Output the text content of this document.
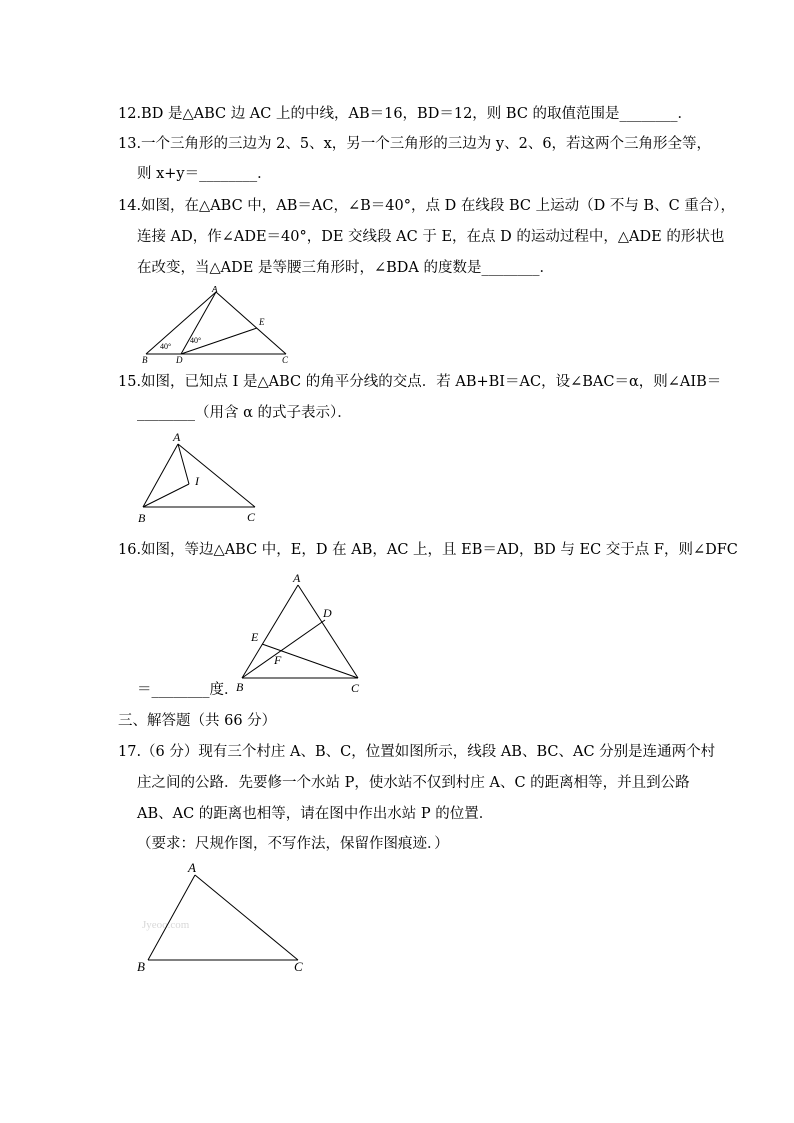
12.BD 是△ABC 边 AC 上的中线，AB＝16，BD＝12，则 BC 的取值范围是________．
13.一个三角形的三边为 2、5、x，另一个三角形的三边为 y、2、6，若这两个三角形全等，
则 x+y＝________．
14.如图，在△ABC 中，AB＝AC，∠B＝40°，点 D 在线段 BC 上运动（D 不与 B、C 重合），
连接 AD，作∠ADE＝40°，DE 交线段 AC 于 E，在点 D 的运动过程中，△ADE 的形状也
在改变，当△ADE 是等腰三角形时，∠BDA 的度数是________．
A
B	C
D
E
40°
40°
15.如图，已知点 I 是△ABC 的角平分线的交点．若 AB+BI＝AC，设∠BAC＝α，则∠AIB＝
________（用含 α 的式子表示）．
A
B	C
I
16.如图，等边△ABC 中，E，D 在 AB，AC 上，且 EB＝AD，BD 与 EC 交于点 F，则∠DFC
A
B	C
D
E
F
＝________度．
三、解答题（共 66 分）
17.（6 分）现有三个村庄 A、B、C，位置如图所示，线段 AB、BC、AC 分别是连通两个村
庄之间的公路．先要修一个水站 P，使水站不仅到村庄 A、C 的距离相等，并且到公路
AB、AC 的距离也相等，请在图中作出水站 P 的位置．
（要求：尺规作图，不写作法，保留作图痕迹．）
Jyeoo.com
A
B	C
